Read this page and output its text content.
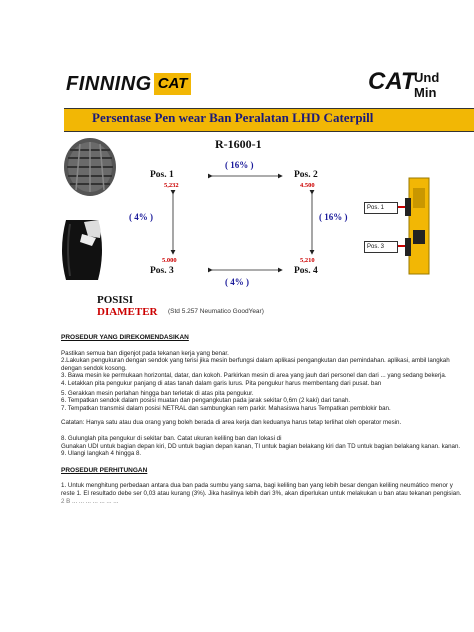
FINNING CAT	CAT
Und
Min
Persentase Pen wear Ban Peralatan LHD Caterpill
R-1600-1
Pos. 1
5,232
Pos. 2
4.500
5.000
Pos. 3
5,210
Pos. 4
( 16% )
( 4% )	( 16% )
( 4% )
Pos. 1
Pos. 3
POSISI
DIAMETER (Std 5.257 Neumatico GoodYear)

PROSEDUR YANG DIREKOMENDASIKAN

Pastikan semua ban digenjot pada tekanan kerja yang benar.

2.Lakukan pengukuran dengan sendok yang terisi jika mesin berfungsi dalam aplikasi pengangkutan dan pemindahan. aplikasi, ambil langkah dengan sendok kosong.

3. Bawa mesin ke permukaan horizontal, datar, dan kokoh. Parkirkan mesin di area yang jauh dari personel dan dari ... yang sedang bekerja.

4. Letakkan pita pengukur panjang di atas tanah dalam garis lurus. Pita pengukur harus membentang dari pusat. ban

5. Gerakkan mesin perlahan hingga ban terletak di atas pita pengukur.

6. Tempatkan sendok dalam posisi muatan dan pengangkutan pada jarak sekitar 0,6m (2 kaki) dari tanah.

7. Tempatkan transmisi dalam posisi NETRAL dan sambungkan rem parkir. Mahasiswa harus Tempatkan pemblokir ban.

Catatan: Hanya satu atau dua orang yang boleh berada di area kerja dan keduanya harus tetap terlihat oleh operator mesin.

8. Gulunglah pita pengukur di sekitar ban. Catat ukuran keliling ban dan lokasi di

Gunakan UDI untuk bagian depan kiri, DD untuk bagian depan kanan, TI untuk bagian belakang kiri dan TD untuk bagian belakang kanan. kanan.

9. Ulangi langkah 4 hingga 8.

PROSEDUR PERHITUNGAN

1. Untuk menghitung perbedaan antara dua ban pada sumbu yang sama, bagi keliling ban yang lebih besar dengan keliling neumático menor y reste 1. El resultado debe ser 0,03 atau kurang (3%). Jika hasilnya lebih dari 3%, akan diperlukan untuk melakukan u ban atau tekanan pengisian.

2 B ... ... ... ... ... ... ...
